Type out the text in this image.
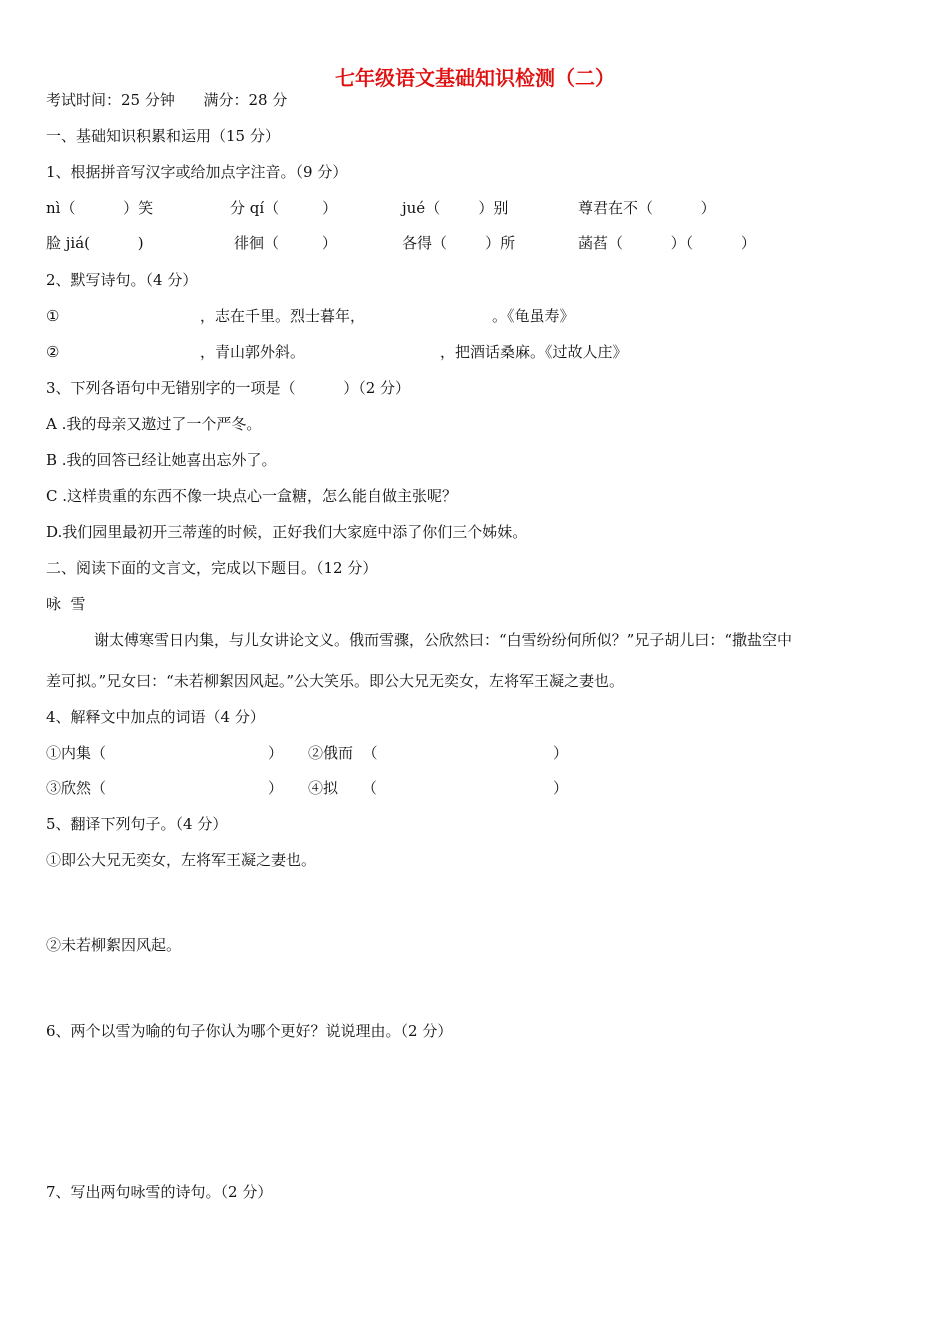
七年级语文基础知识检测（二）
考试时间：25 分钟      满分：28 分
一、基础知识积累和运用（15 分）
1、根据拼音写汉字或给加点字注音。（9 分）
nì（          ）笑	分 qí（         ）	jué（        ）别	尊君在不（          ）
脸 jiá(          )	徘徊（         ）	各得（        ）所	菡萏（          ）（          ）
2、默写诗句。（4 分）
①	，志在千里。烈士暮年，	。《龟虽寿》
②	，青山郭外斜。	，把酒话桑麻。《过故人庄》
3、下列各语句中无错别字的一项是（          ）（2 分）
A .我的母亲又遨过了一个严冬。
B .我的回答已经让她喜出忘外了。
C .这样贵重的东西不像一块点心一盒糖，怎么能自做主张呢？
D.我们园里最初开三蒂莲的时候，正好我们大家庭中添了你们三个姊妹。
二、阅读下面的文言文，完成以下题目。（12 分）
咏  雪
谢太傅寒雪日内集，与儿女讲论文义。俄而雪骤，公欣然曰：“白雪纷纷何所似？”兄子胡儿曰：“撒盐空中
差可拟。”兄女曰：“未若柳絮因风起。”公大笑乐。即公大兄无奕女，左将军王凝之妻也。
4、解释文中加点的词语（4 分）
①内集（	） ②俄而  （	）
③欣然（	） ④拟     （	）
5、翻译下列句子。（4 分）
①即公大兄无奕女，左将军王凝之妻也。
②未若柳絮因风起。
6、两个以雪为喻的句子你认为哪个更好？说说理由。（2 分）
7、写出两句咏雪的诗句。（2 分）
